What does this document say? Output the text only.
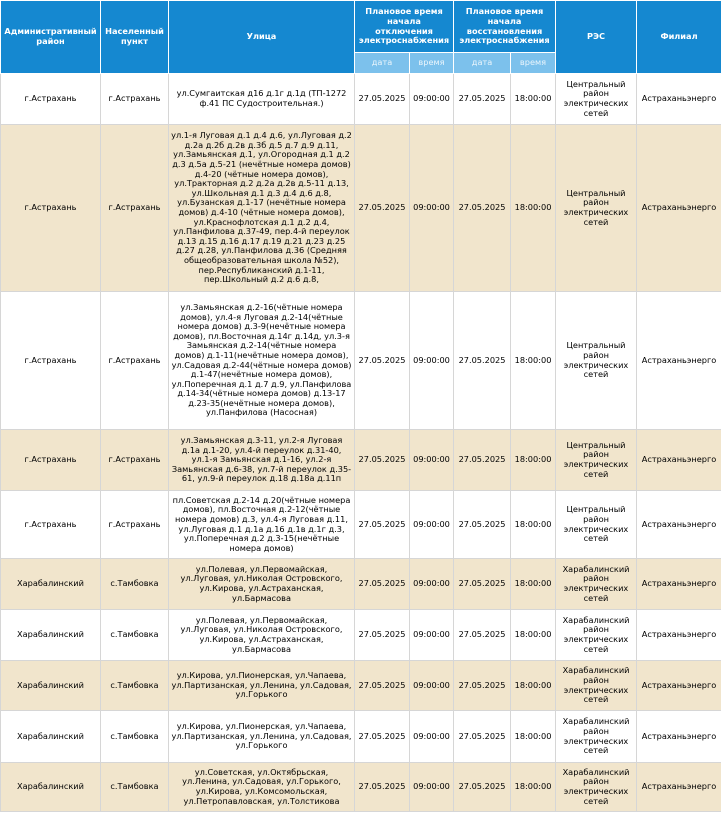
Административный район	Населенный пункт	Улица	Плановое время начала отключения электроснабжения		Плановое время начала восстановления электроснабжения		РЭС	Филиал
			дата	время	дата	время		
г.Астрахань	г.Астрахань	ул.Сумгаитская д16 д.1г д.1д (ТП-1272 ф.41 ПС Судостроительная.)	27.05.2025	09:00:00	27.05.2025	18:00:00	Центральный район электрических сетей	Астраханьэнерго
г.Астрахань	г.Астрахань	ул.1-я Луговая д.1 д.4 д.6, ул.Луговая д.2 д.2а д.2б д.2в д.3б д.5 д.7 д.9 д.11, ул.Замьянская д.1, ул.Огородная д.1 д.2 д.3 д.5а д.5-21 (нечётные номера домов) д.4-20 (чётные номера домов), ул.Тракторная д.2 д.2а д.2в д.5-11 д.13, ул.Школьная д.1 д.3 д.4 д.6 д.8, ул.Бузанская д.1-17 (нечётные номера домов) д.4-10 (чётные номера домов), ул.Краснофлотская д.1 д.2 д.4, ул.Панфилова д.37-49, пер.4-й переулок д.13 д.15 д.16 д.17 д.19 д.21 д.23 д.25 д.27 д.28, ул.Панфилова д.36 (Средняя общеобразовательная школа №52), пер.Республиканский д.1-11, пер.Школьный д.2 д.6 д.8,	27.05.2025	09:00:00	27.05.2025	18:00:00	Центральный район электрических сетей	Астраханьэнерго
г.Астрахань	г.Астрахань	ул.Замьянская д.2-16(чётные номера домов), ул.4-я Луговая д.2-14(чётные номера домов) д.3-9(нечётные номера домов), пл.Восточная д.14г д.14д, ул.3-я Замьянская д.2-14(чётные номера домов) д.1-11(нечётные номера домов), ул.Садовая д.2-44(чётные номера домов) д.1-47(нечётные номера домов), ул.Поперечная д.1 д.7 д.9, ул.Панфилова д.14-34(чётные номера домов) д.13-17 д.23-35(нечётные номера домов), ул.Панфилова (Насосная)	27.05.2025	09:00:00	27.05.2025	18:00:00	Центральный район электрических сетей	Астраханьэнерго
г.Астрахань	г.Астрахань	ул.Замьянская д.3-11, ул.2-я Луговая д.1а д.1-20, ул.4-й переулок д.31-40, ул.1-я Замьянская д.1-16, ул.2-я Замьянская д.6-38, ул.7-й переулок д.35-61, ул.9-й переулок д.18 д.18а д.11п	27.05.2025	09:00:00	27.05.2025	18:00:00	Центральный район электрических сетей	Астраханьэнерго
г.Астрахань	г.Астрахань	пл.Советская д.2-14 д.20(чётные номера домов), пл.Восточная д.2-12(чётные номера домов) д.3, ул.4-я Луговая д.11, ул.Луговая д.1 д.1а д.16 д.1в д.1г д.3, ул.Поперечная д.2 д.3-15(нечётные номера домов)	27.05.2025	09:00:00	27.05.2025	18:00:00	Центральный район электрических сетей	Астраханьэнерго
Харабалинский	с.Тамбовка	ул.Полевая, ул.Первомайская, ул.Луговая, ул.Николая Островского, ул.Кирова, ул.Астраханская, ул.Бармасова	27.05.2025	09:00:00	27.05.2025	18:00:00	Харабалинский район электрических сетей	Астраханьэнерго
Харабалинский	с.Тамбовка	ул.Полевая, ул.Первомайская, ул.Луговая, ул.Николая Островского, ул.Кирова, ул.Астраханская, ул.Бармасова	27.05.2025	09:00:00	27.05.2025	18:00:00	Харабалинский район электрических сетей	Астраханьэнерго
Харабалинский	с.Тамбовка	ул.Кирова, ул.Пионерская, ул.Чапаева, ул.Партизанская, ул.Ленина, ул.Садовая, ул.Горького	27.05.2025	09:00:00	27.05.2025	18:00:00	Харабалинский район электрических сетей	Астраханьэнерго
Харабалинский	с.Тамбовка	ул.Кирова, ул.Пионерская, ул.Чапаева, ул.Партизанская, ул.Ленина, ул.Садовая, ул.Горького	27.05.2025	09:00:00	27.05.2025	18:00:00	Харабалинский район электрических сетей	Астраханьэнерго
Харабалинский	с.Тамбовка	ул.Советская, ул.Октябрьская, ул.Ленина, ул.Садовая, ул.Горького, ул.Кирова, ул.Комсомольская, ул.Петропавловская, ул.Толстикова	27.05.2025	09:00:00	27.05.2025	18:00:00	Харабалинский район электрических сетей	Астраханьэнерго
